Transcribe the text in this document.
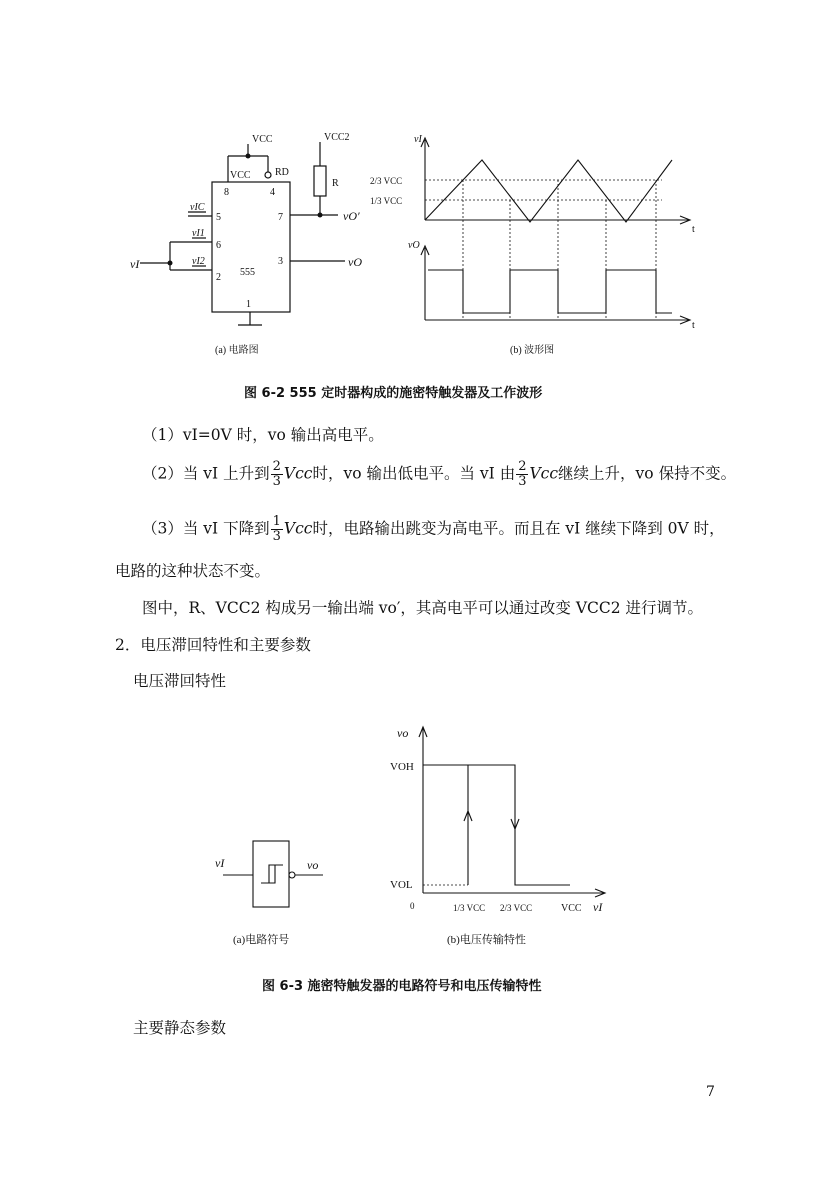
VCC	VCC2
VCC RD
8	4
5	7
6
3
2
1
555
R
vIC
vI1
vI2
vI
vO′
vO
(a) 电路图
vI
vO
t
t
2/3 VCC
1/3 VCC
(b) 波形图
图 6-2 555 定时器构成的施密特触发器及工作波形
（1）vI=0V 时，vo 输出高电平。
（2）当 vI 上升到 $\frac{2}{3}$ Vcc时，vo 输出低电平。当 vI 由 $\frac{2}{3}$ Vcc继续上升，vo 保持不变。
（3）当 vI 下降到 $\frac{1}{3}$ Vcc时，电路输出跳变为高电平。而且在 vI 继续下降到 0V 时，
电路的这种状态不变。
图中，R、VCC2 构成另一输出端 vo′，其高电平可以通过改变 VCC2 进行调节。
2．电压滞回特性和主要参数
电压滞回特性
vI	vo
(a)电路符号
vo
VOH
VOL
0	1/3 VCC 2/3 VCC	VCC vI
(b)电压传输特性
图 6-3 施密特触发器的电路符号和电压传输特性
主要静态参数
7
